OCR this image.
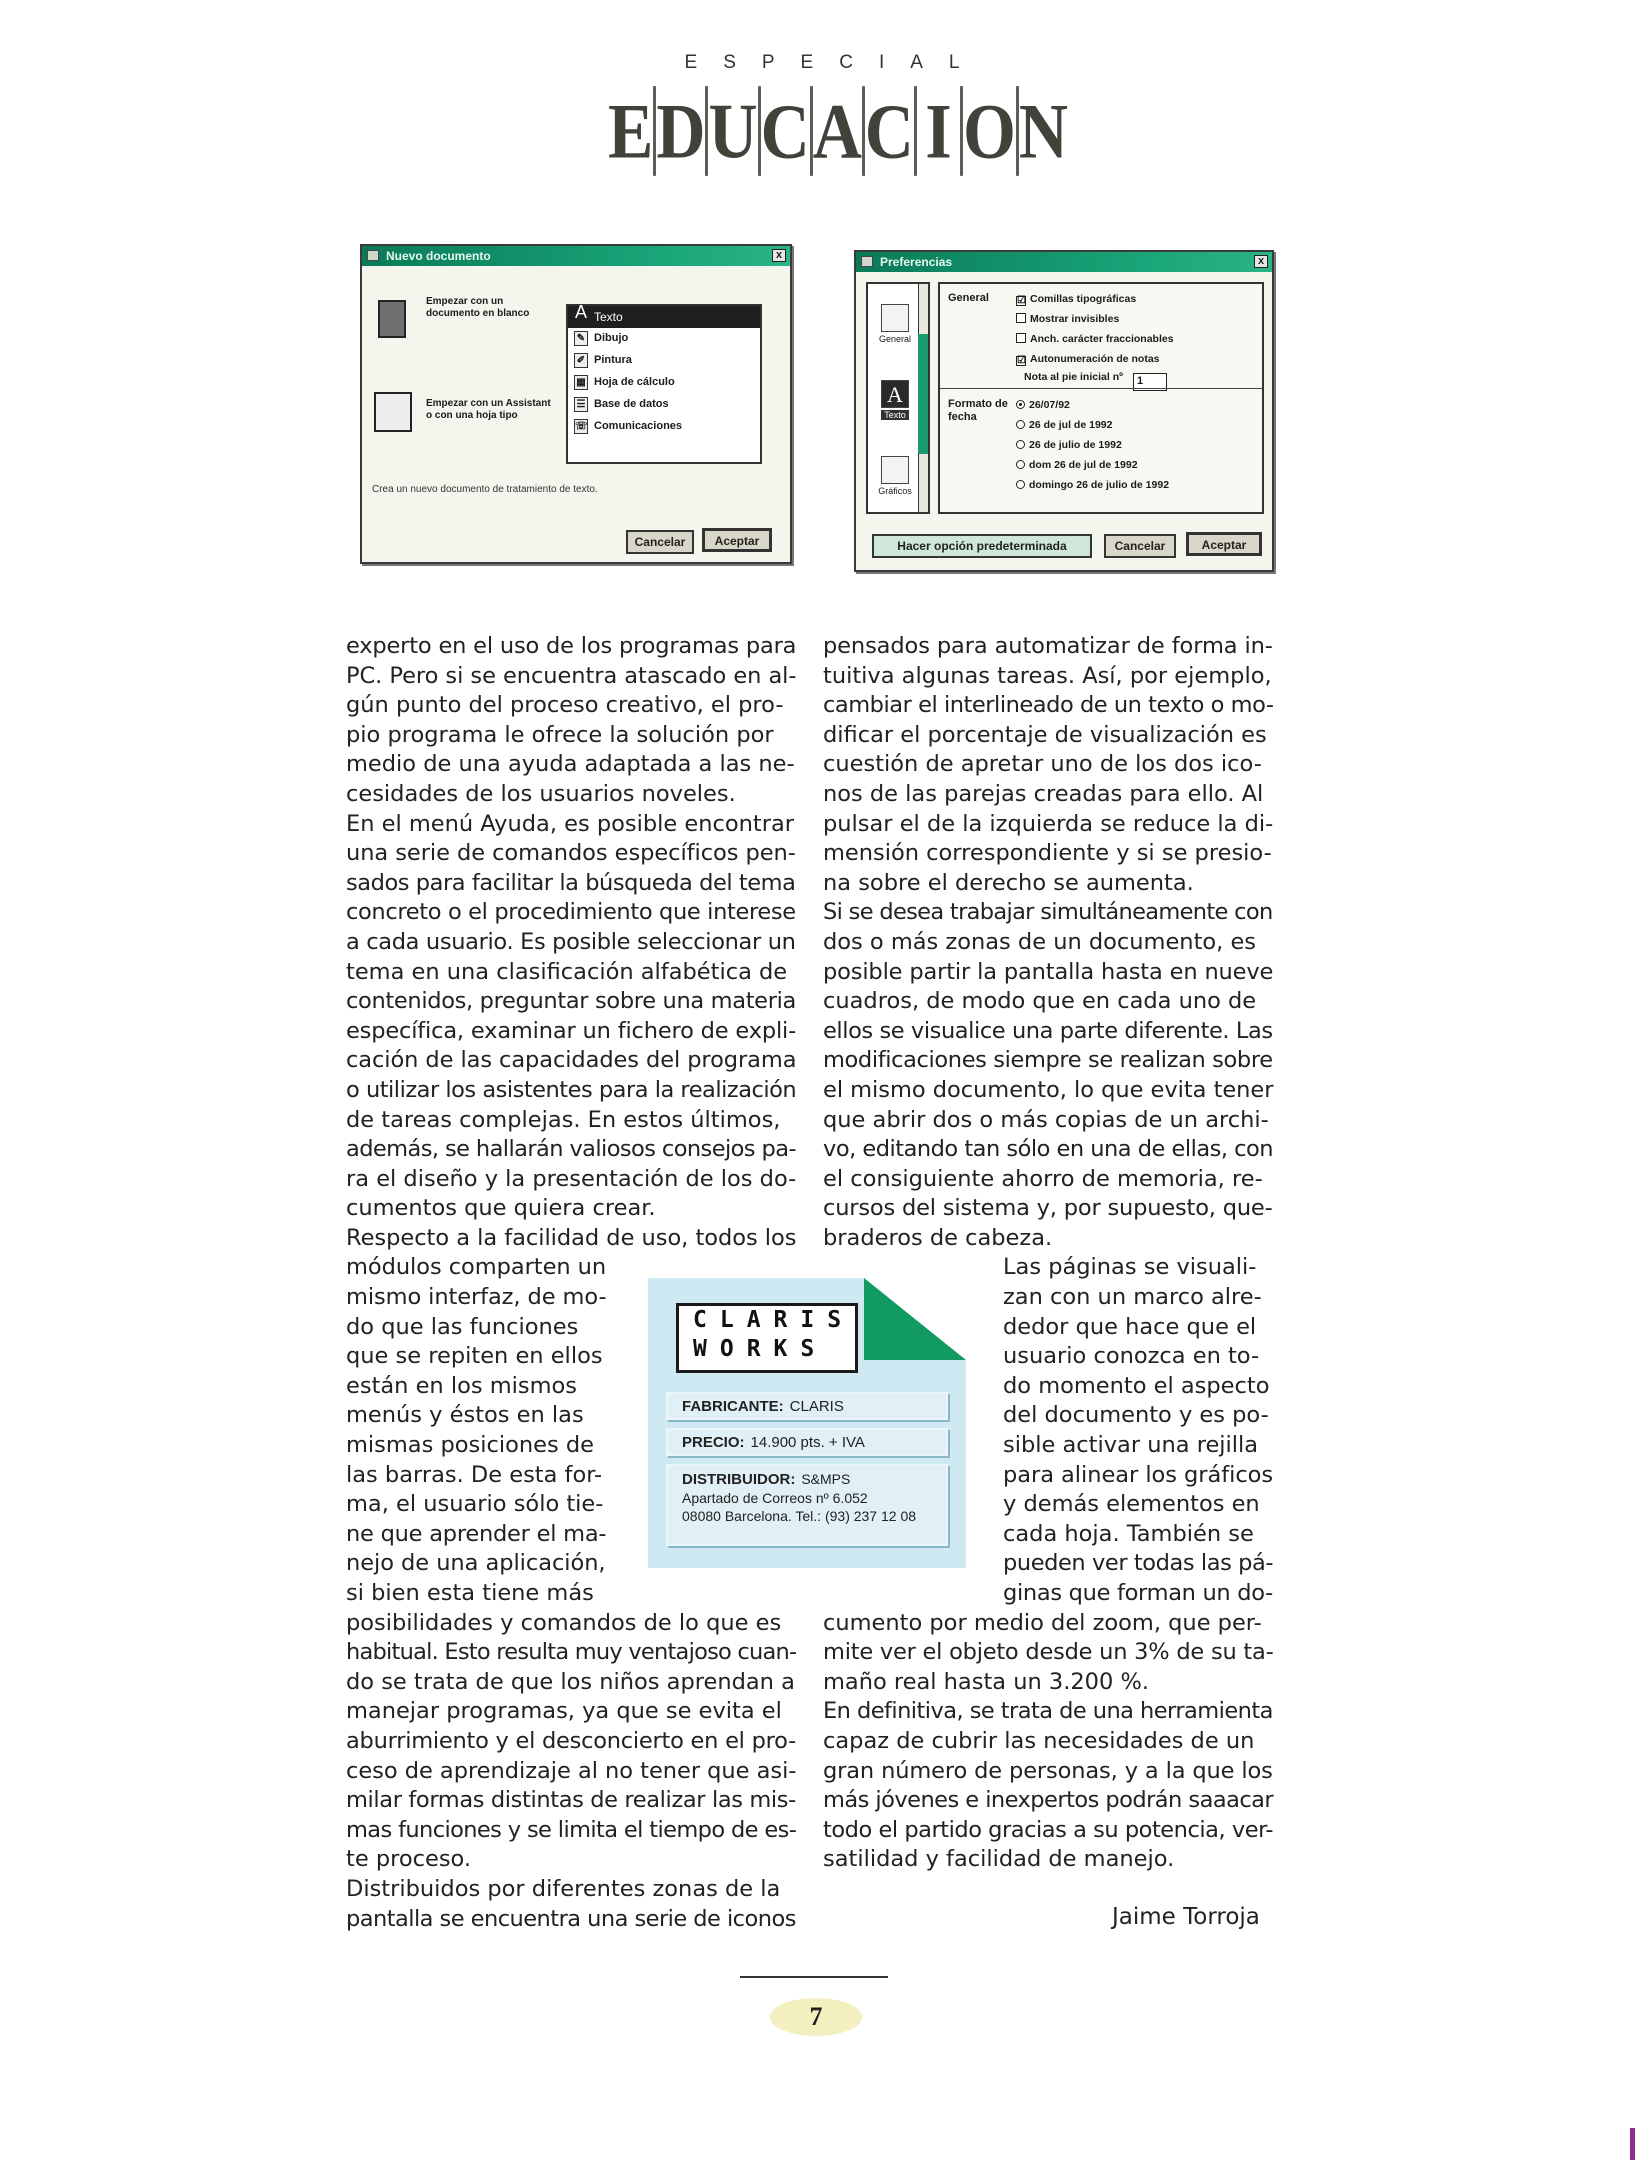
ESPECIAL
E D U C A C I O N
Nuevo documento	x
Empezar con un documento en blanco
Empezar con un Assistant o con una hoja tipo
A Texto
✎ Dibujo
✐ Pintura
▦ Hoja de cálculo
☰ Base de datos
☏ Comunicaciones
Crea un nuevo documento de tratamiento de texto.
Cancelar	Aceptar
Preferencias	x
General
A
Texto
Gráficos
General	☑ Comillas tipográficas
Mostrar invisibles
Anch. carácter fraccionables
☑ Autonumeración de notas
Nota al pie inicial nº 1
Formato de fecha
26/07/92
26 de jul de 1992
26 de julio de 1992
dom 26 de jul de 1992
domingo 26 de julio de 1992
Hacer opción predeterminada	Cancelar	Aceptar

experto en el uso de los programas para

PC. Pero si se encuentra atascado en al-

gún punto del proceso creativo, el pro-

pio programa le ofrece la solución por

medio de una ayuda adaptada a las ne-

cesidades de los usuarios noveles.

En el menú Ayuda, es posible encontrar

una serie de comandos específicos pen-

sados para facilitar la búsqueda del tema

concreto o el procedimiento que interese

a cada usuario. Es posible seleccionar un

tema en una clasificación alfabética de

contenidos, preguntar sobre una materia

específica, examinar un fichero de expli-

cación de las capacidades del programa

o utilizar los asistentes para la realización

de tareas complejas. En estos últimos,

además, se hallarán valiosos consejos pa-

ra el diseño y la presentación de los do-

cumentos que quiera crear.

Respecto a la facilidad de uso, todos los

módulos comparten un

mismo interfaz, de mo-

do que las funciones

que se repiten en ellos

están en los mismos

menús y éstos en las

mismas posiciones de

las barras. De esta for-

ma, el usuario sólo tie-

ne que aprender el ma-

nejo de una aplicación,

si bien esta tiene más

posibilidades y comandos de lo que es

habitual. Esto resulta muy ventajoso cuan-

do se trata de que los niños aprendan a

manejar programas, ya que se evita el

aburrimiento y el desconcierto en el pro-

ceso de aprendizaje al no tener que asi-

milar formas distintas de realizar las mis-

mas funciones y se limita el tiempo de es-

te proceso.

Distribuidos por diferentes zonas de la

pantalla se encuentra una serie de iconos

pensados para automatizar de forma in-

tuitiva algunas tareas. Así, por ejemplo,

cambiar el interlineado de un texto o mo-

dificar el porcentaje de visualización es

cuestión de apretar uno de los dos ico-

nos de las parejas creadas para ello. Al

pulsar el de la izquierda se reduce la di-

mensión correspondiente y si se presio-

na sobre el derecho se aumenta.

Si se desea trabajar simultáneamente con

dos o más zonas de un documento, es

posible partir la pantalla hasta en nueve

cuadros, de modo que en cada uno de

ellos se visualice una parte diferente. Las

modificaciones siempre se realizan sobre

el mismo documento, lo que evita tener

que abrir dos o más copias de un archi-

vo, editando tan sólo en una de ellas, con

el consiguiente ahorro de memoria, re-

cursos del sistema y, por supuesto, que-

braderos de cabeza.

Las páginas se visuali-

zan con un marco alre-

dedor que hace que el

usuario conozca en to-

do momento el aspecto

del documento y es po-

sible activar una rejilla

para alinear los gráficos

y demás elementos en

cada hoja. También se

pueden ver todas las pá-

ginas que forman un do-

cumento por medio del zoom, que per-

mite ver el objeto desde un 3% de su ta-

maño real hasta un 3.200 %.

En definitiva, se trata de una herramienta

capaz de cubrir las necesidades de un

gran número de personas, y a la que los

más jóvenes e inexpertos podrán saaacar

todo el partido gracias a su potencia, ver-

satilidad y facilidad de manejo.

CLARIS
WORKS
FABRICANTE: CLARIS
PRECIO: 14.900 pts. + IVA

DISTRIBUIDOR: S&MPS

Apartado de Correos nº 6.052

08080 Barcelona. Tel.: (93) 237 12 08

Jaime Torroja
7
